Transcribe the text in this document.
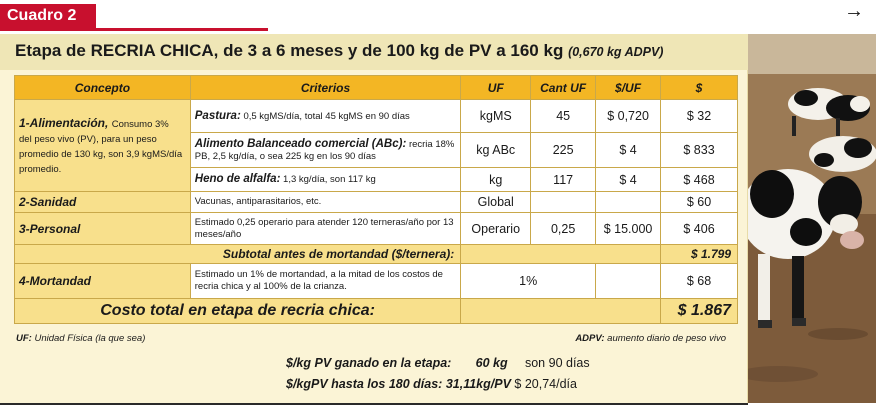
Cuadro 2	→
Etapa de RECRIA CHICA, de 3 a 6 meses y de 100 kg de PV a 160 kg (0,670 kg ADPV)
Concepto	Criterios	UF	Cant UF	$/UF	$
1-Alimentación, Consumo 3%
del peso vivo (PV), para un peso promedio de 130 kg, son 3,9 kgMS/día promedio.	Pastura: 0,5 kgMS/día, total 45 kgMS en 90 días	kgMS	45	$ 0,720	$ 32
	Alimento Balanceado comercial (ABc): recria 18% PB, 2,5 kg/día, o sea 225 kg en los 90 días	kg ABc	225	$ 4	$ 833
	Heno de alfalfa: 1,3 kg/día, son 117 kg	kg	117	$ 4	$ 468
2-Sanidad	Vacunas, antiparasitarios, etc.	Global			$ 60
3-Personal	Estimado 0,25 operario para atender 120 terneras/año por 13 meses/año	Operario	0,25	$ 15.000	$ 406
Subtotal antes de mortandad ($/ternera):					$ 1.799
4-Mortandad	Estimado un 1% de mortandad, a la mitad de los costos de recria chica y al 100% de la crianza.	1%			$ 68
Costo total en etapa de recria chica:					$ 1.867
UF: Unidad Física (la que sea)	ADPV: aumento diario de peso vivo
$/kg PV ganado en la etapa: 60 kg son 90 días
$/kgPV hasta los 180 días: 31,11kg/PV $ 20,74/día
